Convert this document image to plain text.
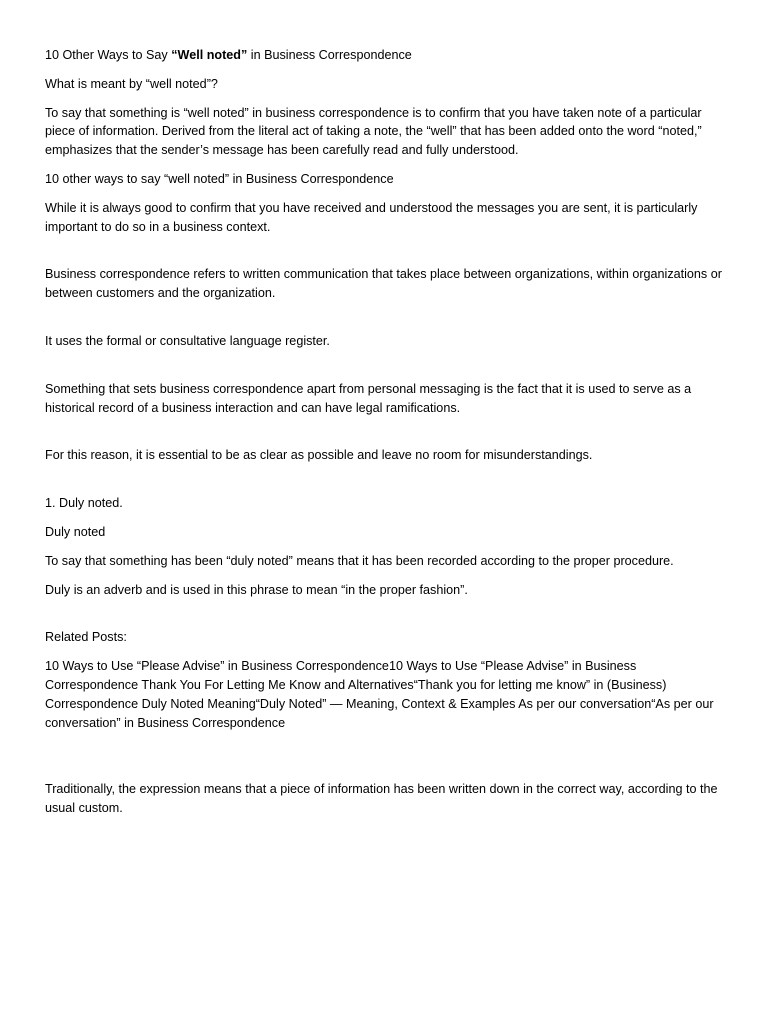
10 Other Ways to Say “Well noted” in Business Correspondence

What is meant by “well noted”?

To say that something is “well noted” in business correspondence is to confirm that you have taken note of a particular piece of information. Derived from the literal act of taking a note, the “well” that has been added onto the word “noted,” emphasizes that the sender’s message has been carefully read and fully understood.

10 other ways to say “well noted” in Business Correspondence

While it is always good to confirm that you have received and understood the messages you are sent, it is particularly important to do so in a business context.

Business correspondence refers to written communication that takes place between organizations, within organizations or between customers and the organization.

It uses the formal or consultative language register.

Something that sets business correspondence apart from personal messaging is the fact that it is used to serve as a historical record of a business interaction and can have legal ramifications.

For this reason, it is essential to be as clear as possible and leave no room for misunderstandings.

1. Duly noted.

Duly noted

To say that something has been “duly noted” means that it has been recorded according to the proper procedure.

Duly is an adverb and is used in this phrase to mean “in the proper fashion”.

Related Posts:

10 Ways to Use “Please Advise” in Business Correspondence10 Ways to Use “Please Advise” in Business Correspondence Thank You For Letting Me Know and Alternatives“Thank you for letting me know” in (Business) Correspondence Duly Noted Meaning“Duly Noted” — Meaning, Context & Examples As per our conversation“As per our conversation” in Business Correspondence

Traditionally, the expression means that a piece of information has been written down in the correct way, according to the usual custom.
